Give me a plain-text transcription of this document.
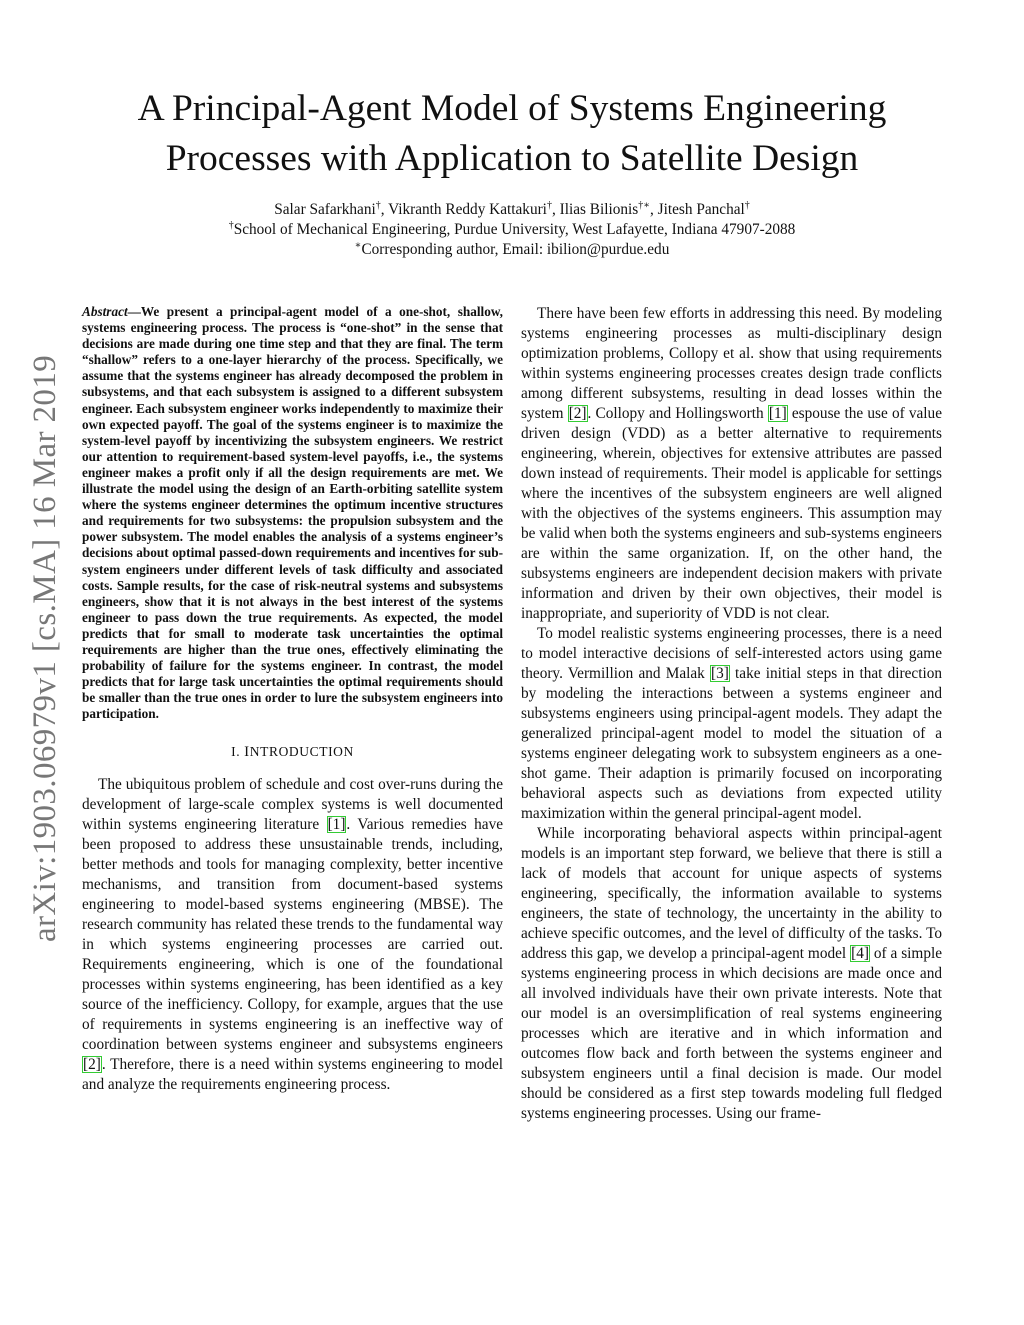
A Principal-Agent Model of Systems Engineering
Processes with Application to Satellite Design
Salar Safarkhani†, Vikranth Reddy Kattakuri†, Ilias Bilionis†∗, Jitesh Panchal†
†School of Mechanical Engineering, Purdue University, West Lafayette, Indiana 47907-2088
∗Corresponding author, Email: ibilion@purdue.edu
arXiv:1903.06979v1 [cs.MA] 16 Mar 2019

Abstract—We present a principal-agent model of a one-shot, shallow, systems engineering process. The process is “one-shot” in the sense that decisions are made during one time step and that they are final. The term “shallow” refers to a one-layer hierarchy of the process. Specifically, we assume that the systems engineer has already decomposed the problem in subsystems, and that each subsystem is assigned to a different subsystem engineer. Each subsystem engineer works independently to maximize their own expected payoff. The goal of the systems engineer is to maximize the system-level payoff by incentivizing the subsystem engineers. We restrict our attention to requirement-based system-level payoffs, i.e., the systems engineer makes a profit only if all the design requirements are met. We illustrate the model using the design of an Earth-orbiting satellite system where the systems engineer determines the optimum incentive structures and requirements for two subsystems: the propulsion subsystem and the power subsystem. The model enables the analysis of a systems engineer’s decisions about optimal passed-down requirements and incentives for sub-system engineers under different levels of task difficulty and associated costs. Sample results, for the case of risk-neutral systems and subsystems engineers, show that it is not always in the best interest of the systems engineer to pass down the true requirements. As expected, the model predicts that for small to moderate task uncertainties the optimal requirements are higher than the true ones, effectively eliminating the probability of failure for the systems engineer. In contrast, the model predicts that for large task uncertainties the optimal requirements should be smaller than the true ones in order to lure the subsystem engineers into participation.

I. INTRODUCTION

The ubiquitous problem of schedule and cost over-runs during the development of large-scale complex systems is well documented within systems engineering literature [1]. Various remedies have been proposed to address these unsustainable trends, including, better methods and tools for managing complexity, better incentive mechanisms, and transition from document-based systems engineering to model-based systems engineering (MBSE). The research community has related these trends to the fundamental way in which systems engineering processes are carried out. Requirements engineering, which is one of the foundational processes within systems engineering, has been identified as a key source of the inefficiency. Collopy, for example, argues that the use of requirements in systems engineering is an ineffective way of coordination between systems engineer and subsystems engineers [2]. Therefore, there is a need within systems engineering to model and analyze the requirements engineering process.

There have been few efforts in addressing this need. By modeling systems engineering processes as multi-disciplinary design optimization problems, Collopy et al. show that using requirements within systems engineering processes creates design trade conflicts among different subsystems, resulting in dead losses within the system [2]. Collopy and Hollingsworth [1] espouse the use of value driven design (VDD) as a better alternative to requirements engineering, wherein, objectives for extensive attributes are passed down instead of requirements. Their model is applicable for settings where the incentives of the subsystem engineers are well aligned with the objectives of the systems engineers. This assumption may be valid when both the systems engineers and sub-systems engineers are within the same organization. If, on the other hand, the subsystems engineers are independent decision makers with private information and driven by their own objectives, their model is inappropriate, and superiority of VDD is not clear.

To model realistic systems engineering processes, there is a need to model interactive decisions of self-interested actors using game theory. Vermillion and Malak [3] take initial steps in that direction by modeling the interactions between a systems engineer and subsystems engineers using principal-agent models. They adapt the generalized principal-agent model to model the situation of a systems engineer delegating work to subsystem engineers as a one-shot game. Their adaption is primarily focused on incorporating behavioral aspects such as deviations from expected utility maximization within the general principal-agent model.

While incorporating behavioral aspects within principal-agent models is an important step forward, we believe that there is still a lack of models that account for unique aspects of systems engineering, specifically, the information available to systems engineers, the state of technology, the uncertainty in the ability to achieve specific outcomes, and the level of difficulty of the tasks. To address this gap, we develop a principal-agent model [4] of a simple systems engineering process in which decisions are made once and all involved individuals have their own private interests. Note that our model is an oversimplification of real systems engineering processes which are iterative and in which information and outcomes flow back and forth between the systems engineer and subsystem engineers until a final decision is made. Our model should be considered as a first step towards modeling full fledged systems engineering processes. Using our frame-
